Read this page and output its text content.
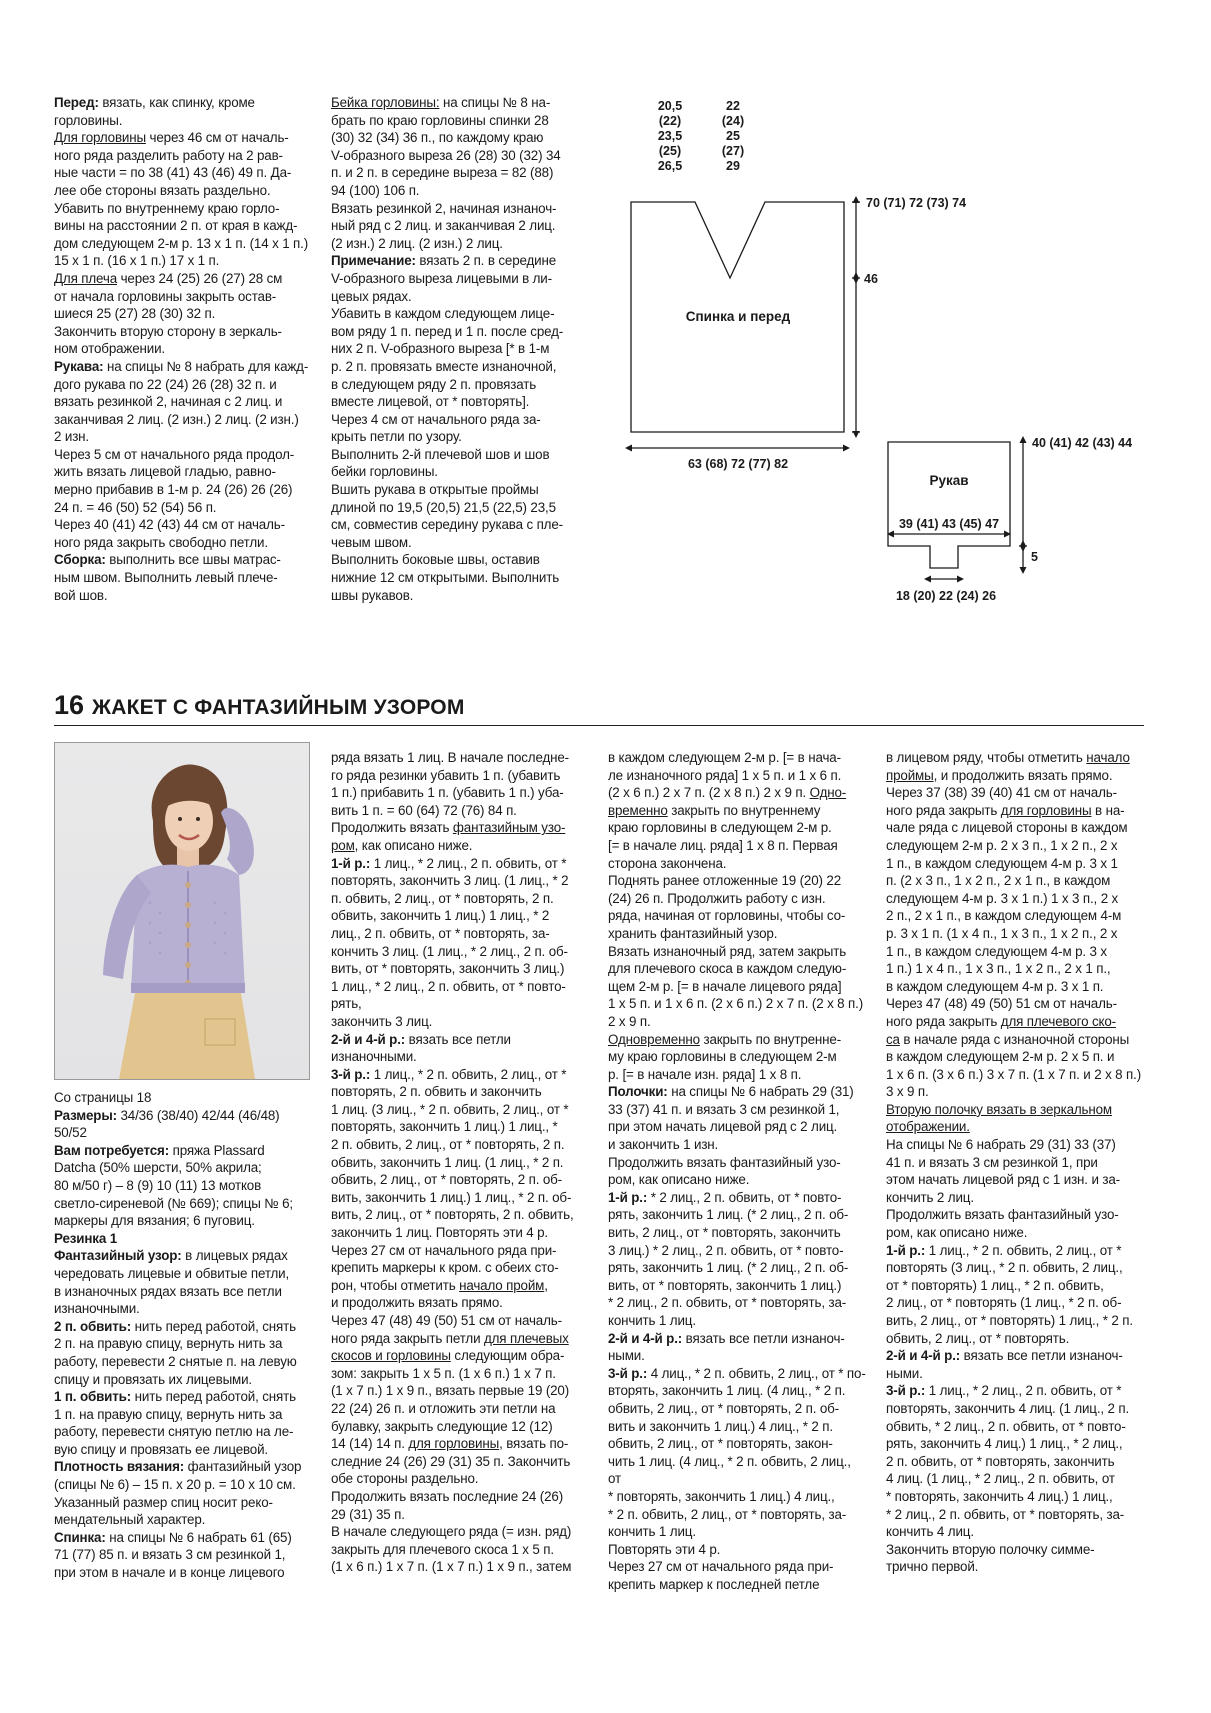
Перед: вязать, как спинку, кроме

горловины.

Для горловины через 46 см от началь-

ного ряда разделить работу на 2 рав-

ные части = по 38 (41) 43 (46) 49 п. Да-

лее обе стороны вязать раздельно.

Убавить по внутреннему краю горло-

вины на расстоянии 2 п. от края в кажд-

дом следующем 2-м р. 13 х 1 п. (14 х 1 п.)

15 х 1 п. (16 х 1 п.) 17 х 1 п.

Для плеча через 24 (25) 26 (27) 28 см

от начала горловины закрыть остав-

шиеся 25 (27) 28 (30) 32 п.

Закончить вторую сторону в зеркаль-

ном отображении.

Рукава: на спицы № 8 набрать для кажд-

дого рукава по 22 (24) 26 (28) 32 п. и

вязать резинкой 2, начиная с 2 лиц. и

заканчивая 2 лиц. (2 изн.) 2 лиц. (2 изн.)

2 изн.

Через 5 см от начального ряда продол-

жить вязать лицевой гладью, равно-

мерно прибавив в 1-м р. 24 (26) 26 (26)

24 п. = 46 (50) 52 (54) 56 п.

Через 40 (41) 42 (43) 44 см от началь-

ного ряда закрыть свободно петли.

Сборка: выполнить все швы матрас-

ным швом. Выполнить левый плече-

вой шов.

Бейка горловины: на спицы № 8 на-

брать по краю горловины спинки 28

(30) 32 (34) 36 п., по каждому краю

V-образного выреза 26 (28) 30 (32) 34

п. и 2 п. в середине выреза = 82 (88)

94 (100) 106 п.

Вязать резинкой 2, начиная изнаноч-

ный ряд с 2 лиц. и заканчивая 2 лиц.

(2 изн.) 2 лиц. (2 изн.) 2 лиц.

Примечание: вязать 2 п. в середине

V-образного выреза лицевыми в ли-

цевых рядах.

Убавить в каждом следующем лице-

вом ряду 1 п. перед и 1 п. после сред-

них 2 п. V-образного выреза [* в 1-м

р. 2 п. провязать вместе изнаночной,

в следующем ряду 2 п. провязать

вместе лицевой, от * повторять].

Через 4 см от начального ряда за-

крыть петли по узору.

Выполнить 2-й плечевой шов и шов

бейки горловины.

Вшить рукава в открытые проймы

длиной по 19,5 (20,5) 21,5 (22,5) 23,5

см, совместив середину рукава с пле-

чевым швом.

Выполнить боковые швы, оставив

нижние 12 см открытыми. Выполнить

швы рукавов.

20,5
(22)
23,5
(25)
26,5
22
(24)
25
(27)
29
70 (71) 72 (73) 74
46
Спинка и перед
63 (68) 72 (77) 82
40 (41) 42 (43) 44
Рукав
39 (41) 43 (45) 47
5
18 (20) 22 (24) 26
16 ЖАКЕТ С ФАНТАЗИЙНЫМ УЗОРОМ

Со страницы 18

Размеры: 34/36 (38/40) 42/44 (46/48)

50/52

Вам потребуется: пряжа Plassard

Datcha (50% шерсти, 50% акрила;

80 м/50 г) – 8 (9) 10 (11) 13 мотков

светло-сиреневой (№ 669); спицы № 6;

маркеры для вязания; 6 пуговиц.

Резинка 1

Фантазийный узор: в лицевых рядах

чередовать лицевые и обвитые петли,

в изнаночных рядах вязать все петли

изнаночными.

2 п. обвить: нить перед работой, снять

2 п. на правую спицу, вернуть нить за

работу, перевести 2 снятые п. на левую

спицу и провязать их лицевыми.

1 п. обвить: нить перед работой, снять

1 п. на правую спицу, вернуть нить за

работу, перевести снятую петлю на ле-

вую спицу и провязать ее лицевой.

Плотность вязания: фантазийный узор

(спицы № 6) – 15 п. х 20 р. = 10 х 10 см.

Указанный размер спиц носит реко-

мендательный характер.

Спинка: на спицы № 6 набрать 61 (65)

71 (77) 85 п. и вязать 3 см резинкой 1,

при этом в начале и в конце лицевого

ряда вязать 1 лиц. В начале последне-

го ряда резинки убавить 1 п. (убавить

1 п.) прибавить 1 п. (убавить 1 п.) уба-

вить 1 п. = 60 (64) 72 (76) 84 п.

Продолжить вязать фантазийным узо-

ром, как описано ниже.

1-й р.: 1 лиц., * 2 лиц., 2 п. обвить, от *

повторять, закончить 3 лиц. (1 лиц., * 2

п. обвить, 2 лиц., от * повторять, 2 п.

обвить, закончить 1 лиц.) 1 лиц., * 2

лиц., 2 п. обвить, от * повторять, за-

кончить 3 лиц. (1 лиц., * 2 лиц., 2 п. об-

вить, от * повторять, закончить 3 лиц.)

1 лиц., * 2 лиц., 2 п. обвить, от * повто-

рять,

закончить 3 лиц.

2-й и 4-й р.: вязать все петли

изнаночными.

3-й р.: 1 лиц., * 2 п. обвить, 2 лиц., от *

повторять, 2 п. обвить и закончить

1 лиц. (3 лиц., * 2 п. обвить, 2 лиц., от *

повторять, закончить 1 лиц.) 1 лиц., *

2 п. обвить, 2 лиц., от * повторять, 2 п.

обвить, закончить 1 лиц. (1 лиц., * 2 п.

обвить, 2 лиц., от * повторять, 2 п. об-

вить, закончить 1 лиц.) 1 лиц., * 2 п. об-

вить, 2 лиц., от * повторять, 2 п. обвить,

закончить 1 лиц. Повторять эти 4 р.

Через 27 см от начального ряда при-

крепить маркеры к кром. с обеих сто-

рон, чтобы отметить начало пройм,

и продолжить вязать прямо.

Через 47 (48) 49 (50) 51 см от началь-

ного ряда закрыть петли для плечевых

скосов и горловины следующим обра-

зом: закрыть 1 х 5 п. (1 х 6 п.) 1 х 7 п.

(1 х 7 п.) 1 х 9 п., вязать первые 19 (20)

22 (24) 26 п. и отложить эти петли на

булавку, закрыть следующие 12 (12)

14 (14) 14 п. для горловины, вязать по-

следние 24 (26) 29 (31) 35 п. Закончить

обе стороны раздельно.

Продолжить вязать последние 24 (26)

29 (31) 35 п.

В начале следующего ряда (= изн. ряд)

закрыть для плечевого скоса 1 х 5 п.

(1 х 6 п.) 1 х 7 п. (1 х 7 п.) 1 х 9 п., затем

в каждом следующем 2-м р. [= в нача-

ле изнаночного ряда] 1 х 5 п. и 1 х 6 п.

(2 х 6 п.) 2 х 7 п. (2 х 8 п.) 2 х 9 п. Одно-

временно закрыть по внутреннему

краю горловины в следующем 2-м р.

[= в начале лиц. ряда] 1 х 8 п. Первая

сторона закончена.

Поднять ранее отложенные 19 (20) 22

(24) 26 п. Продолжить работу с изн.

ряда, начиная от горловины, чтобы со-

хранить фантазийный узор.

Вязать изнаночный ряд, затем закрыть

для плечевого скоса в каждом следую-

щем 2-м р. [= в начале лицевого ряда]

1 х 5 п. и 1 х 6 п. (2 х 6 п.) 2 х 7 п. (2 х 8 п.)

2 х 9 п.

Одновременно закрыть по внутренне-

му краю горловины в следующем 2-м

р. [= в начале изн. ряда] 1 х 8 п.

Полочки: на спицы № 6 набрать 29 (31)

33 (37) 41 п. и вязать 3 см резинкой 1,

при этом начать лицевой ряд с 2 лиц.

и закончить 1 изн.

Продолжить вязать фантазийный узо-

ром, как описано ниже.

1-й р.: * 2 лиц., 2 п. обвить, от * повто-

рять, закончить 1 лиц. (* 2 лиц., 2 п. об-

вить, 2 лиц., от * повторять, закончить

3 лиц.) * 2 лиц., 2 п. обвить, от * повто-

рять, закончить 1 лиц. (* 2 лиц., 2 п. об-

вить, от * повторять, закончить 1 лиц.)

* 2 лиц., 2 п. обвить, от * повторять, за-

кончить 1 лиц.

2-й и 4-й р.: вязать все петли изнаноч-

ными.

3-й р.: 4 лиц., * 2 п. обвить, 2 лиц., от * по-

вторять, закончить 1 лиц. (4 лиц., * 2 п.

обвить, 2 лиц., от * повторять, 2 п. об-

вить и закончить 1 лиц.) 4 лиц., * 2 п.

обвить, 2 лиц., от * повторять, закон-

чить 1 лиц. (4 лиц., * 2 п. обвить, 2 лиц., от

* повторять, закончить 1 лиц.) 4 лиц.,

* 2 п. обвить, 2 лиц., от * повторять, за-

кончить 1 лиц.

Повторять эти 4 р.

Через 27 см от начального ряда при-

крепить маркер к последней петле

в лицевом ряду, чтобы отметить начало

проймы, и продолжить вязать прямо.

Через 37 (38) 39 (40) 41 см от началь-

ного ряда закрыть для горловины в на-

чале ряда с лицевой стороны в каждом

следующем 2-м р. 2 х 3 п., 1 х 2 п., 2 х

1 п., в каждом следующем 4-м р. 3 х 1

п. (2 х 3 п., 1 х 2 п., 2 х 1 п., в каждом

следующем 4-м р. 3 х 1 п.) 1 х 3 п., 2 х

2 п., 2 х 1 п., в каждом следующем 4-м

р. 3 х 1 п. (1 х 4 п., 1 х 3 п., 1 х 2 п., 2 х

1 п., в каждом следующем 4-м р. 3 х

1 п.) 1 х 4 п., 1 х 3 п., 1 х 2 п., 2 х 1 п.,

в каждом следующем 4-м р. 3 х 1 п.

Через 47 (48) 49 (50) 51 см от началь-

ного ряда закрыть для плечевого ско-

са в начале ряда с изнаночной стороны

в каждом следующем 2-м р. 2 х 5 п. и

1 х 6 п. (3 х 6 п.) 3 х 7 п. (1 х 7 п. и 2 х 8 п.)

3 х 9 п.

Вторую полочку вязать в зеркальном

отображении.

На спицы № 6 набрать 29 (31) 33 (37)

41 п. и вязать 3 см резинкой 1, при

этом начать лицевой ряд с 1 изн. и за-

кончить 2 лиц.

Продолжить вязать фантазийный узо-

ром, как описано ниже.

1-й р.: 1 лиц., * 2 п. обвить, 2 лиц., от *

повторять (3 лиц., * 2 п. обвить, 2 лиц.,

от * повторять) 1 лиц., * 2 п. обвить,

2 лиц., от * повторять (1 лиц., * 2 п. об-

вить, 2 лиц., от * повторять) 1 лиц., * 2 п.

обвить, 2 лиц., от * повторять.

2-й и 4-й р.: вязать все петли изнаноч-

ными.

3-й р.: 1 лиц., * 2 лиц., 2 п. обвить, от *

повторять, закончить 4 лиц. (1 лиц., 2 п.

обвить, * 2 лиц., 2 п. обвить, от * повто-

рять, закончить 4 лиц.) 1 лиц., * 2 лиц.,

2 п. обвить, от * повторять, закончить

4 лиц. (1 лиц., * 2 лиц., 2 п. обвить, от

* повторять, закончить 4 лиц.) 1 лиц.,

* 2 лиц., 2 п. обвить, от * повторять, за-

кончить 4 лиц.

Закончить вторую полочку симме-

трично первой.
